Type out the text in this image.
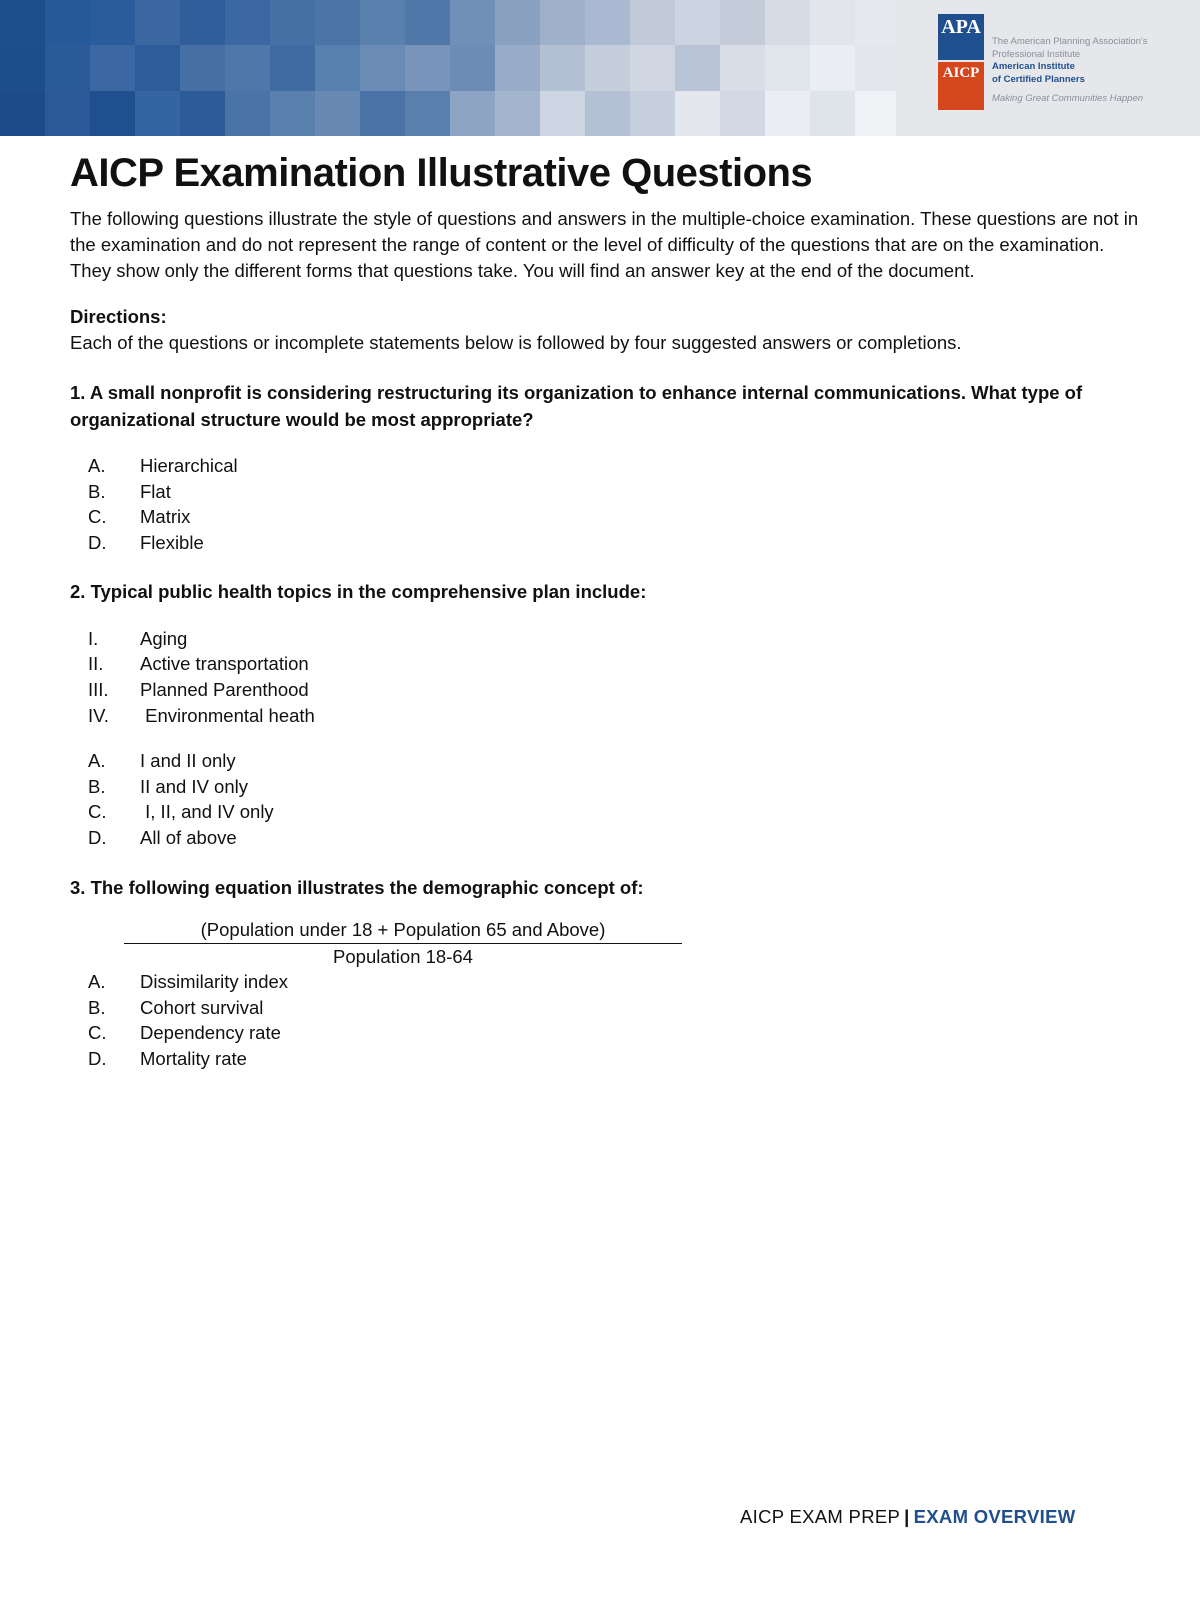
APA
AICP
The American Planning Association's
Professional Institute
American Institute
of Certified Planners
Making Great Communities Happen
AICP Examination Illustrative Questions

The following questions illustrate the style of questions and answers in the multiple-choice examination. These questions are not in the examination and do not represent the range of content or the level of difficulty of the questions that are on the examination. They show only the different forms that questions take. You will find an answer key at the end of the document.

Directions:
Each of the questions or incomplete statements below is followed by four suggested answers or completions.
1. A small nonprofit is considering restructuring its organization to enhance internal communications. What type of organizational structure would be most appropriate?
A.	Hierarchical
B.	Flat
C.	Matrix
D.	Flexible
2. Typical public health topics in the comprehensive plan include:
I.	Aging
II.	Active transportation
III.	Planned Parenthood
IV.	Environmental heath
A.	I and II only
B.	II and IV only
C.	I, II, and IV only
D.	All of above
3. The following equation illustrates the demographic concept of:
(Population under 18 + Population 65 and Above)
Population 18-64
A.	Dissimilarity index
B.	Cohort survival
C.	Dependency rate
D.	Mortality rate
AICP EXAM PREP | EXAM OVERVIEW
